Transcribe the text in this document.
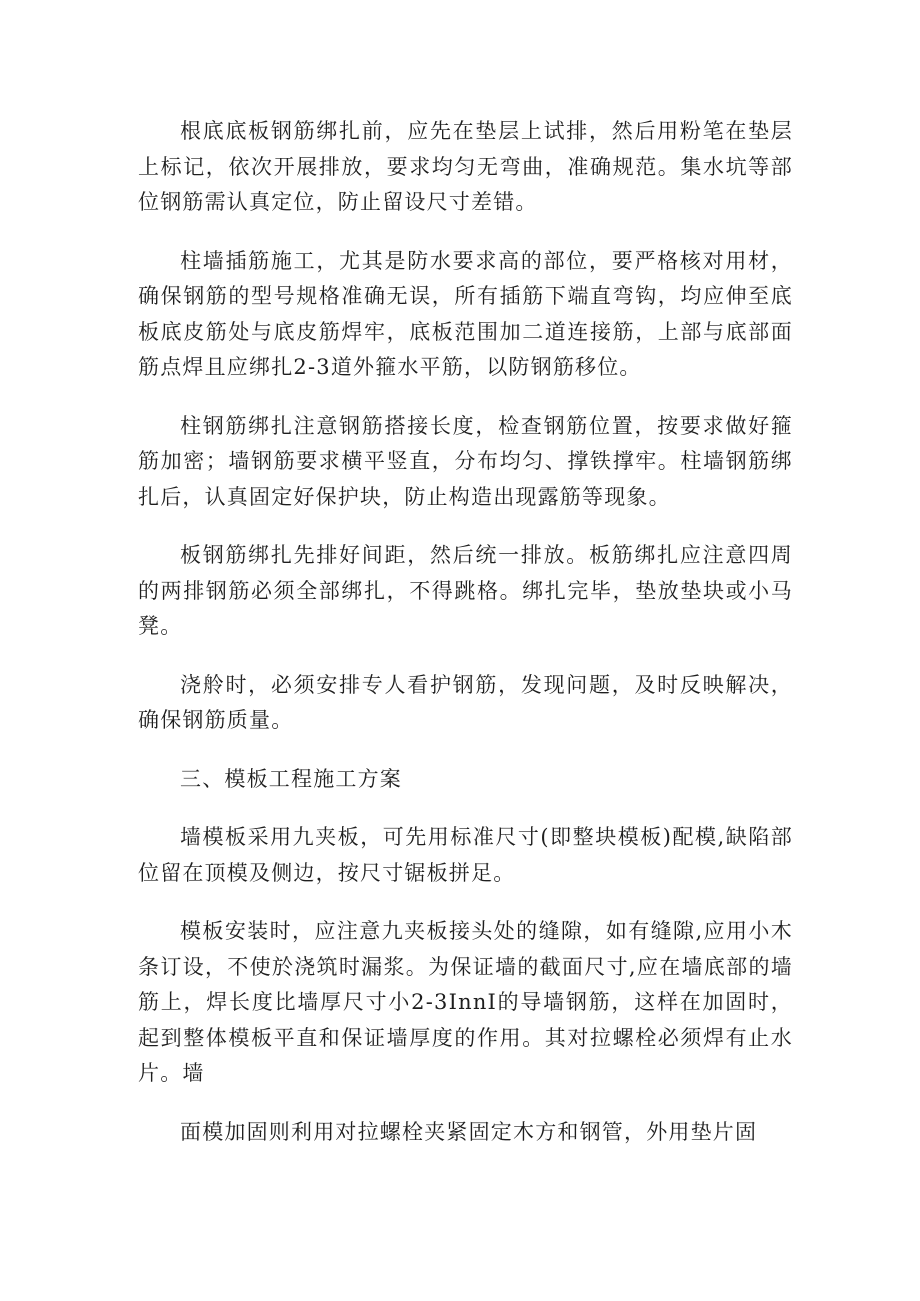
根底底板钢筋绑扎前，应先在垫层上试排，然后用粉笔在垫层上标记，依次开展排放，要求均匀无弯曲，准确规范。集水坑等部位钢筋需认真定位，防止留设尺寸差错。

柱墙插筋施工，尤其是防水要求高的部位，要严格核对用材，确保钢筋的型号规格准确无误，所有插筋下端直弯钩，均应伸至底板底皮筋处与底皮筋焊牢，底板范围加二道连接筋，上部与底部面筋点焊且应绑扎2-3道外箍水平筋，以防钢筋移位。

柱钢筋绑扎注意钢筋搭接长度，检查钢筋位置，按要求做好箍筋加密；墙钢筋要求横平竖直，分布均匀、撑铁撑牢。柱墙钢筋绑扎后，认真固定好保护块，防止构造出现露筋等现象。

板钢筋绑扎先排好间距，然后统一排放。板筋绑扎应注意四周的两排钢筋必须全部绑扎，不得跳格。绑扎完毕，垫放垫块或小马凳。

浇舲时，必须安排专人看护钢筋，发现问题，及时反映解决，确保钢筋质量。

三、模板工程施工方案

墙模板采用九夹板，可先用标准尺寸(即整块模板)配模,缺陷部位留在顶模及侧边，按尺寸锯板拼足。

模板安装时，应注意九夹板接头处的缝隙，如有缝隙,应用小木条订设，不使於浇筑时漏浆。为保证墙的截面尺寸,应在墙底部的墙筋上，焊长度比墙厚尺寸小2-3InnI的导墙钢筋，这样在加固时，起到整体模板平直和保证墙厚度的作用。其对拉螺栓必须焊有止水片。墙

面模加固则利用对拉螺栓夹紧固定木方和钢管，外用垫片固
